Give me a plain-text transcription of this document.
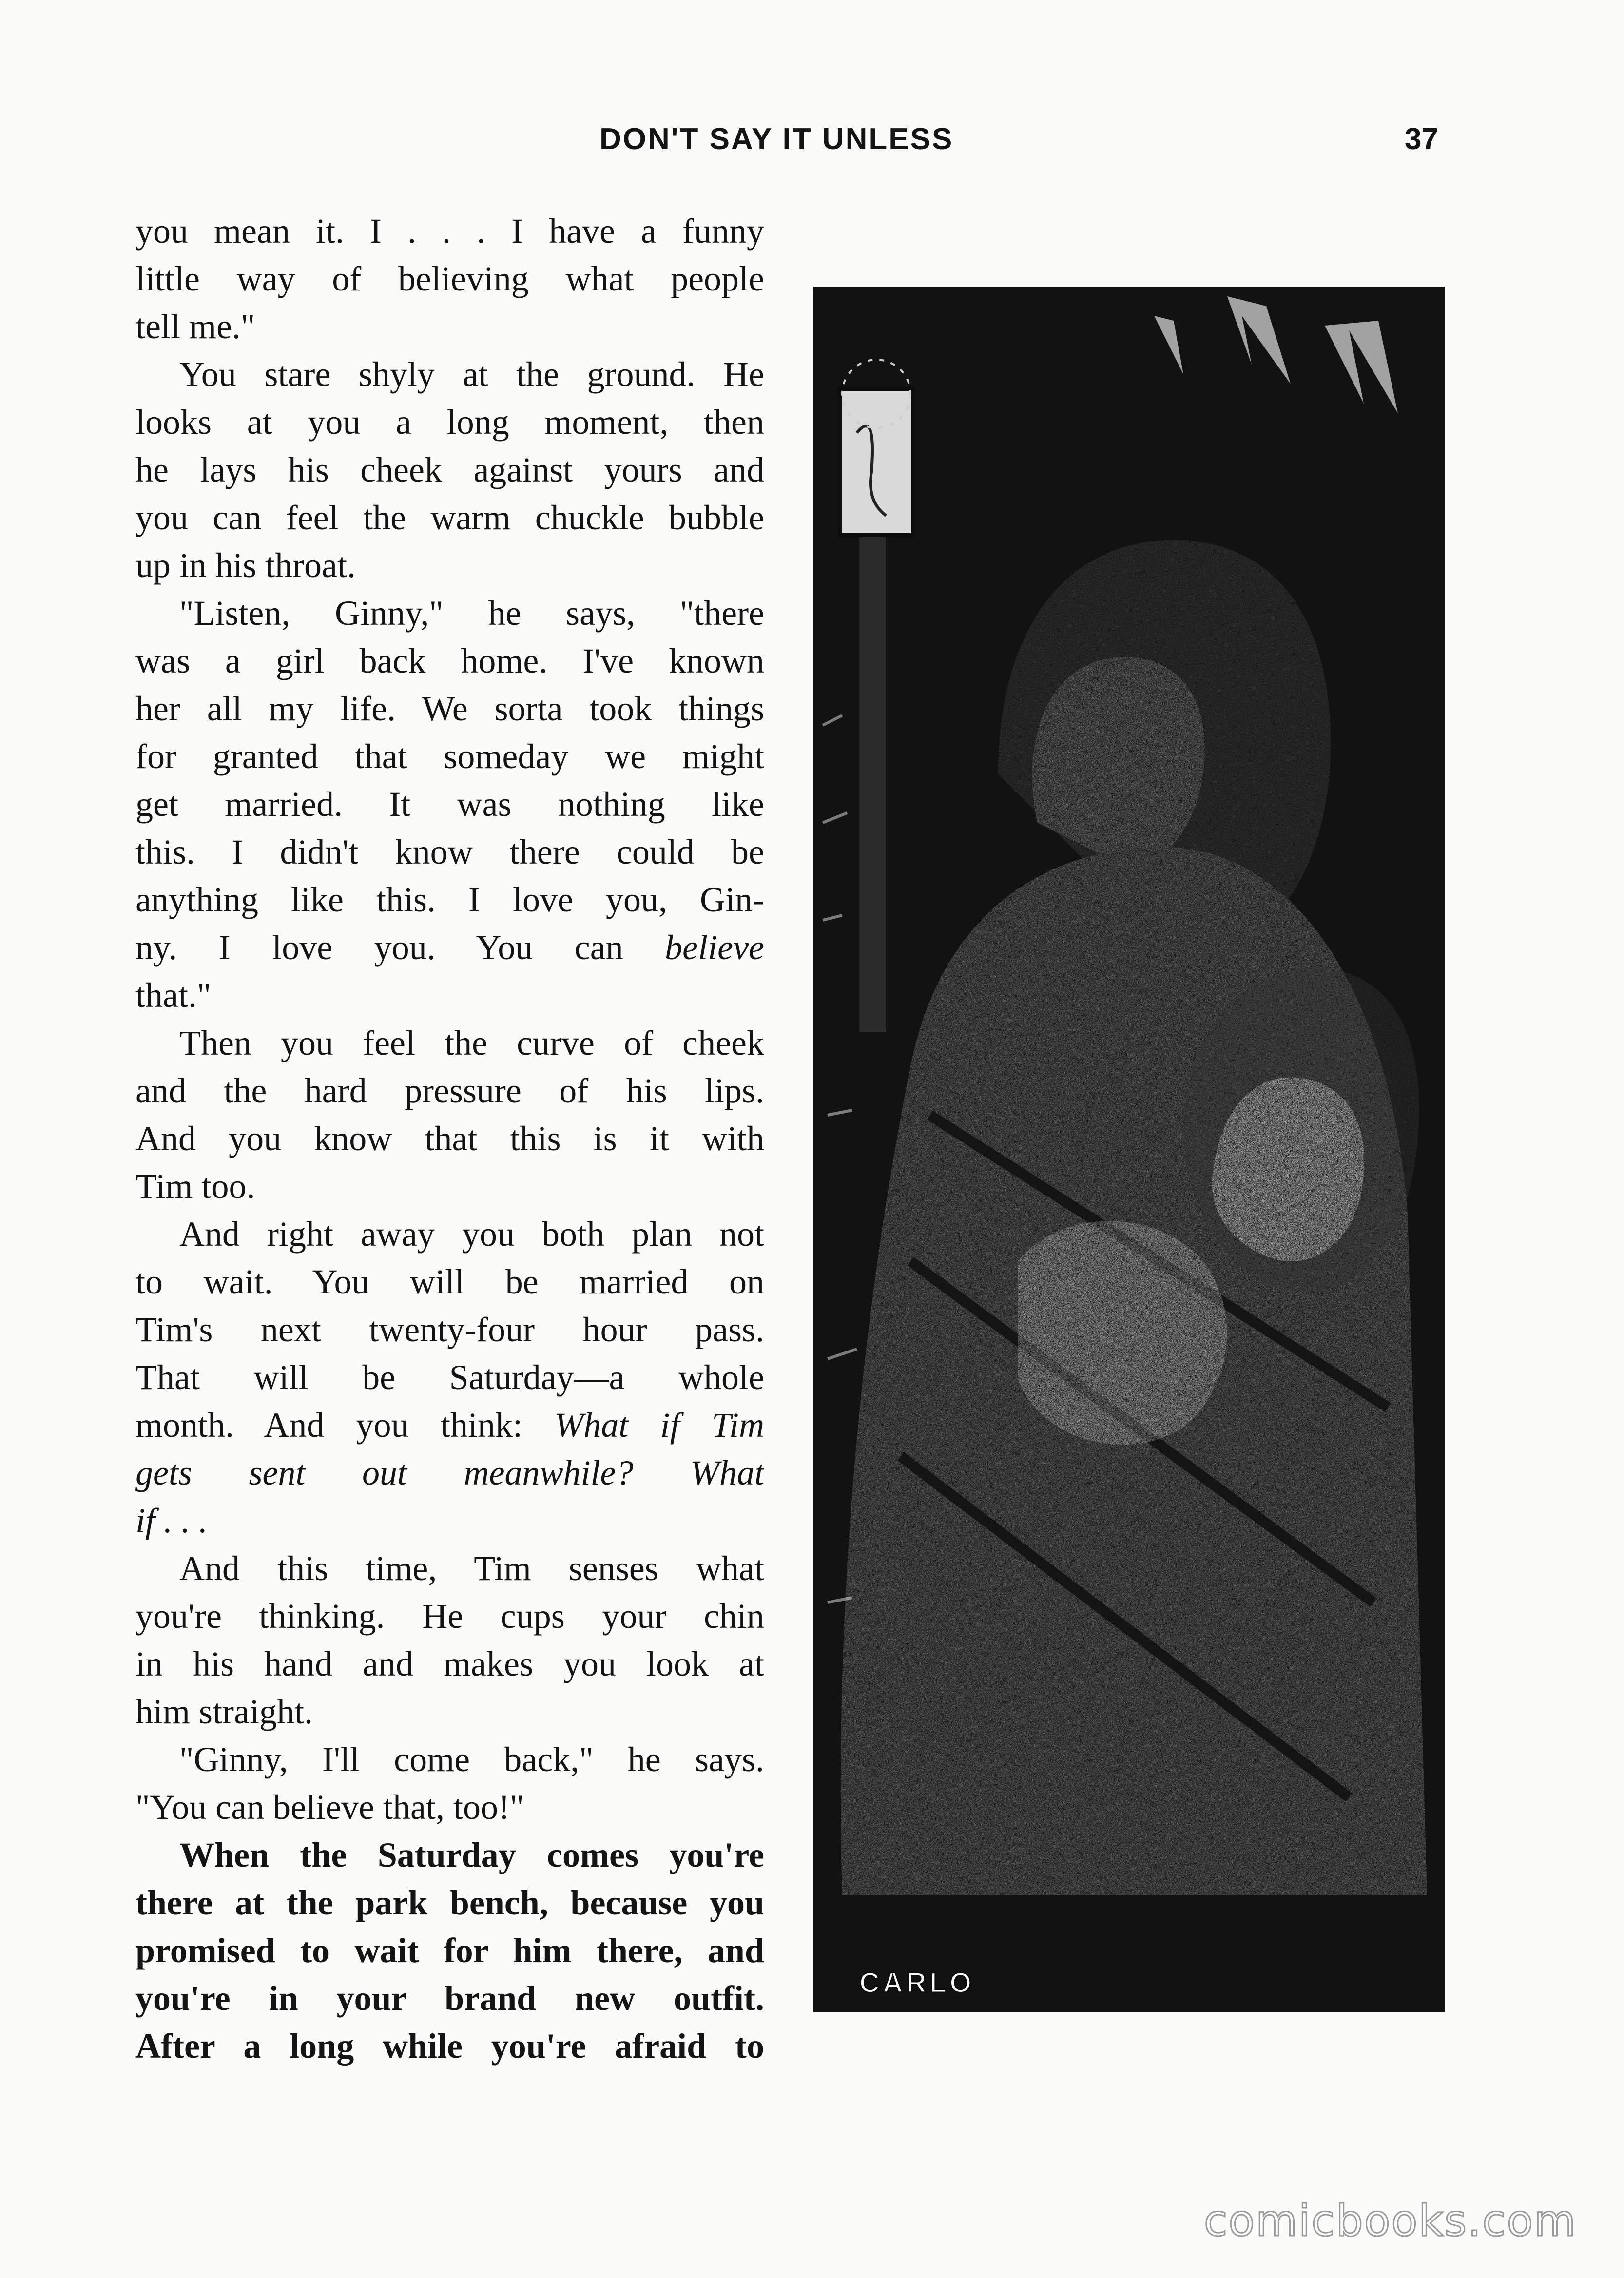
DON'T SAY IT UNLESS	37
you mean it. I . . . I have a funny
little way of believing what people
tell me."
You stare shyly at the ground. He
looks at you a long moment, then
he lays his cheek against yours and
you can feel the warm chuckle bubble
up in his throat.
"Listen, Ginny," he says, "there
was a girl back home. I've known
her all my life. We sorta took things
for granted that someday we might
get married. It was nothing like
this. I didn't know there could be
anything like this. I love you, Gin-
ny. I love you. You can believe
that."
Then you feel the curve of cheek
and the hard pressure of his lips.
And you know that this is it with
Tim too.
And right away you both plan not
to wait. You will be married on
Tim's next twenty-four hour pass.
That will be Saturday—a whole
month. And you think: What if Tim
gets sent out meanwhile? What
if . . .
And this time, Tim senses what
you're thinking. He cups your chin
in his hand and makes you look at
him straight.
"Ginny, I'll come back," he says.
"You can believe that, too!"
When the Saturday comes you're
there at the park bench, because you
promised to wait for him there, and
you're in your brand new outfit.
After a long while you're afraid to
CARLO
comicbooks.com
